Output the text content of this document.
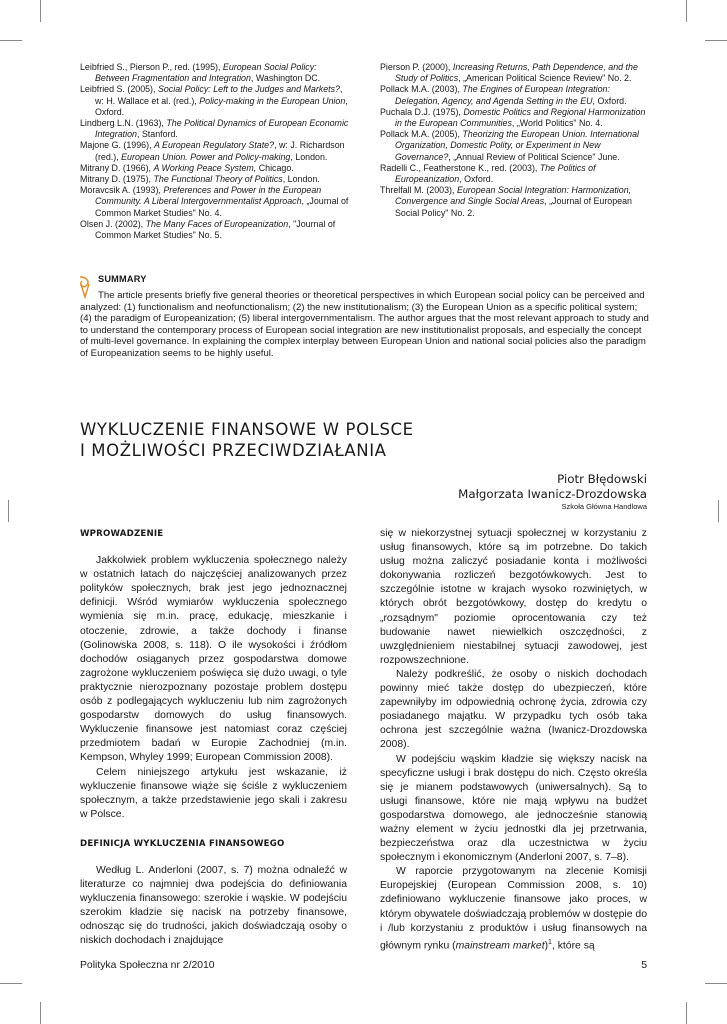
Leibfried S., Pierson P., red. (1995), European Social Policy: Between Fragmentation and Integration, Washington DC.

Leibfried S. (2005), Social Policy: Left to the Judges and Markets?, w: H. Wallace et al. (red.), Policy-making in the European Union, Oxford.

Lindberg L.N. (1963), The Political Dynamics of European Economic Integration, Stanford.

Majone G. (1996), A European Regulatory State?, w: J. Richardson (red.), European Union. Power and Policy-making, London.

Mitrany D. (1966), A Working Peace System, Chicago.

Mitrany D. (1975), The Functional Theory of Politics, London.

Moravcsik A. (1993), Preferences and Power in the European Community. A Liberal Intergovernmentalist Approach, „Journal of Common Market Studies" No. 4.

Olsen J. (2002), The Many Faces of Europeanization, "Journal of Common Market Studies" No. 5.

Pierson P. (2000), Increasing Returns, Path Dependence, and the Study of Politics, „American Political Science Review" No. 2.

Pollack M.A. (2003), The Engines of European Integration: Delegation, Agency, and Agenda Setting in the EU, Oxford.

Puchala D.J. (1975), Domestic Politics and Regional Harmonization in the European Communities, „World Politics" No. 4.

Pollack M.A. (2005), Theorizing the European Union. International Organization, Domestic Polity, or Experiment in New Governance?, „Annual Review of Political Science" June.

Radelli C., Featherstone K., red. (2003), The Politics of Europeanization, Oxford.

Threlfall M. (2003), European Social Integration: Harmonization, Convergence and Single Social Areas, „Journal of European Social Policy" No. 2.

SUMMARY

The article presents briefly five general theories or theoretical perspectives in which European social policy can be perceived and analyzed: (1) functionalism and neofunctionalism; (2) the new institutionalism; (3) the European Union as a specific political system; (4) the paradigm of Europeanization; (5) liberal intergovernmentalism. The author argues that the most relevant approach to study and to understand the contemporary process of European social integration are new institutionalist proposals, and especially the concept of multi-level governance. In explaining the complex interplay between European Union and national social policies also the paradigm of Europeanization seems to be highly useful.

WYKLUCZENIE FINANSOWE W POLSCE
I MOŻLIWOŚCI PRZECIWDZIAŁANIA
Piotr Błędowski
Małgorzata Iwanicz-Drozdowska
Szkoła Główna Handlowa
WPROWADZENIE

Jakkolwiek problem wykluczenia społecznego należy w ostatnich latach do najczęściej analizowanych przez polityków społecznych, brak jest jego jednoznacznej definicji. Wśród wymiarów wykluczenia społecznego wymienia się m.in. pracę, edukację, mieszkanie i otoczenie, zdrowie, a także dochody i finanse (Golinowska 2008, s. 118). O ile wysokości i źródłom dochodów osiąganych przez gospodarstwa domowe zagrożone wykluczeniem poświęca się dużo uwagi, o tyle praktycznie nierozpoznany pozostaje problem dostępu osób z podlegających wykluczeniu lub nim zagrożonych gospodarstw domowych do usług finansowych. Wykluczenie finansowe jest natomiast coraz częściej przedmiotem badań w Europie Zachodniej (m.in. Kempson, Whyley 1999; European Commission 2008).

Celem niniejszego artykułu jest wskazanie, iż wykluczenie finansowe wiąże się ściśle z wykluczeniem społecznym, a także przedstawienie jego skali i zakresu w Polsce.

DEFINICJA WYKLUCZENIA FINANSOWEGO

Według L. Anderloni (2007, s. 7) można odnaleźć w literaturze co najmniej dwa podejścia do definiowania wykluczenia finansowego: szerokie i wąskie. W podejściu szerokim kładzie się nacisk na potrzeby finansowe, odnosząc się do trudności, jakich doświadczają osoby o niskich dochodach i znajdujące

się w niekorzystnej sytuacji społecznej w korzystaniu z usług finansowych, które są im potrzebne. Do takich usług można zaliczyć posiadanie konta i możliwości dokonywania rozliczeń bezgotówkowych. Jest to szczególnie istotne w krajach wysoko rozwiniętych, w których obrót bezgotówkowy, dostęp do kredytu o „rozsądnym" poziomie oprocentowania czy też budowanie nawet niewielkich oszczędności, z uwzględnieniem niestabilnej sytuacji zawodowej, jest rozpowszechnione.

Należy podkreślić, że osoby o niskich dochodach powinny mieć także dostęp do ubezpieczeń, które zapewniłyby im odpowiednią ochronę życia, zdrowia czy posiadanego majątku. W przypadku tych osób taka ochrona jest szczególnie ważna (Iwanicz-Drozdowska 2008).

W podejściu wąskim kładzie się większy nacisk na specyficzne usługi i brak dostępu do nich. Często określa się je mianem podstawowych (uniwersalnych). Są to usługi finansowe, które nie mają wpływu na budżet gospodarstwa domowego, ale jednocześnie stanowią ważny element w życiu jednostki dla jej przetrwania, bezpieczeństwa oraz dla uczestnictwa w życiu społecznym i ekonomicznym (Anderloni 2007, s. 7–8).

W raporcie przygotowanym na zlecenie Komisji Europejskiej (European Commission 2008, s. 10) zdefiniowano wykluczenie finansowe jako proces, w którym obywatele doświadczają problemów w dostępie do i /lub korzystaniu z produktów i usług finansowych na głównym rynku (mainstream market)$^1$, które są

Polityka Społeczna nr 2/2010	5
